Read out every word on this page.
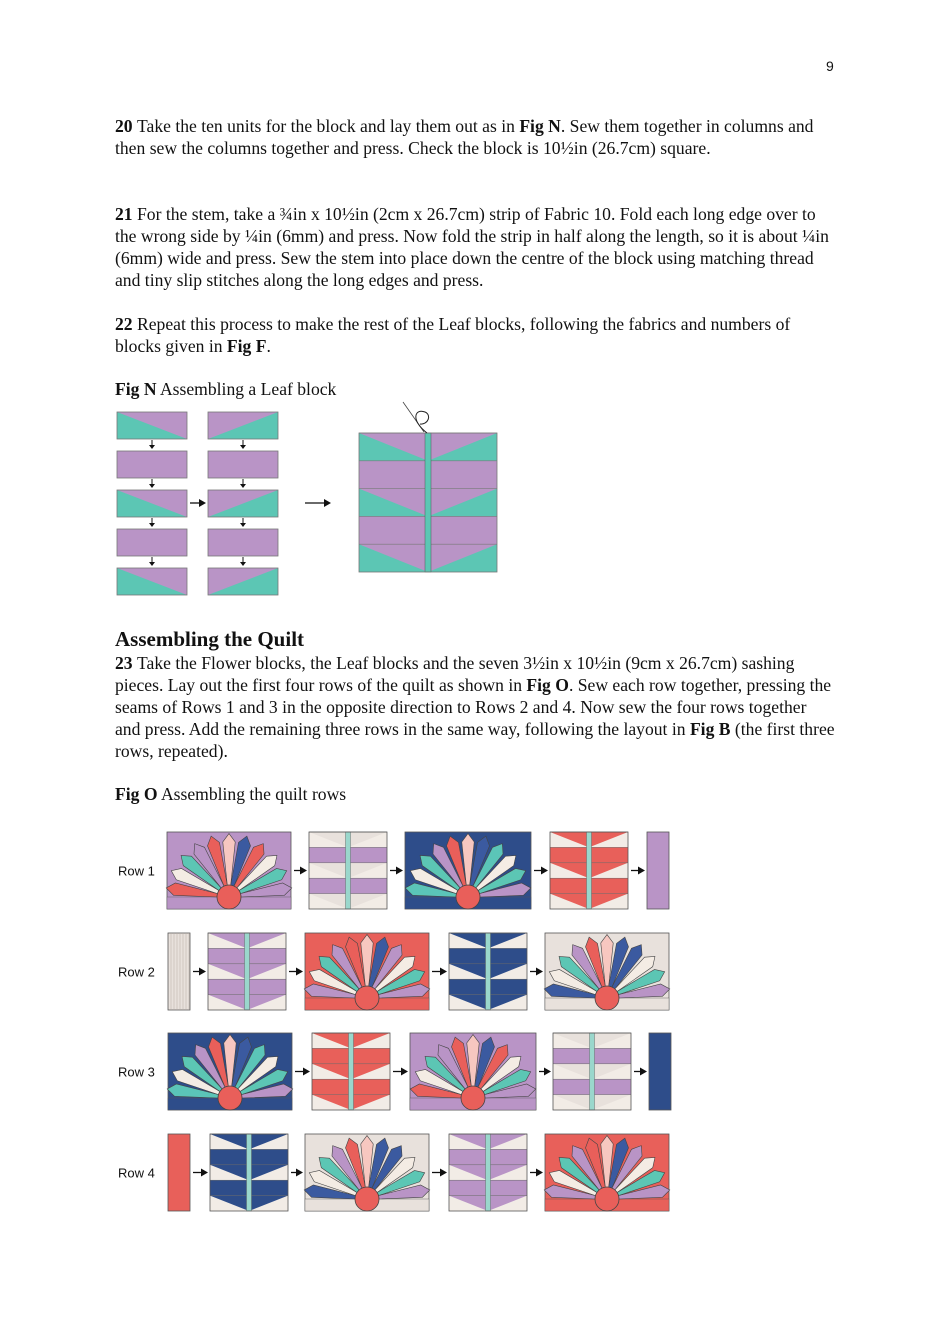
9

20 Take the ten units for the block and lay them out as in Fig N. Sew them together in columns and then sew the columns together and press. Check the block is 10½in (26.7cm) square.

21 For the stem, take a ¾in x 10½in (2cm x 26.7cm) strip of Fabric 10. Fold each long edge over to the wrong side by ¼in (6mm) and press. Now fold the strip in half along the length, so it is about ¼in (6mm) wide and press. Sew the stem into place down the centre of the block using matching thread and tiny slip stitches along the long edges and press.

22 Repeat this process to make the rest of the Leaf blocks, following the fabrics and numbers of blocks given in Fig F.

Fig N Assembling a Leaf block

Assembling the Quilt

23 Take the Flower blocks, the Leaf blocks and the seven 3½in x 10½in (9cm x 26.7cm) sashing pieces. Lay out the first four rows of the quilt as shown in Fig O. Sew each row together, pressing the seams of Rows 1 and 3 in the opposite direction to Rows 2 and 4. Now sew the four rows together and press. Add the remaining three rows in the same way, following the layout in Fig B (the first three rows, repeated).

Fig O Assembling the quilt rows

Row 1
Row 2
Row 3
Row 4
